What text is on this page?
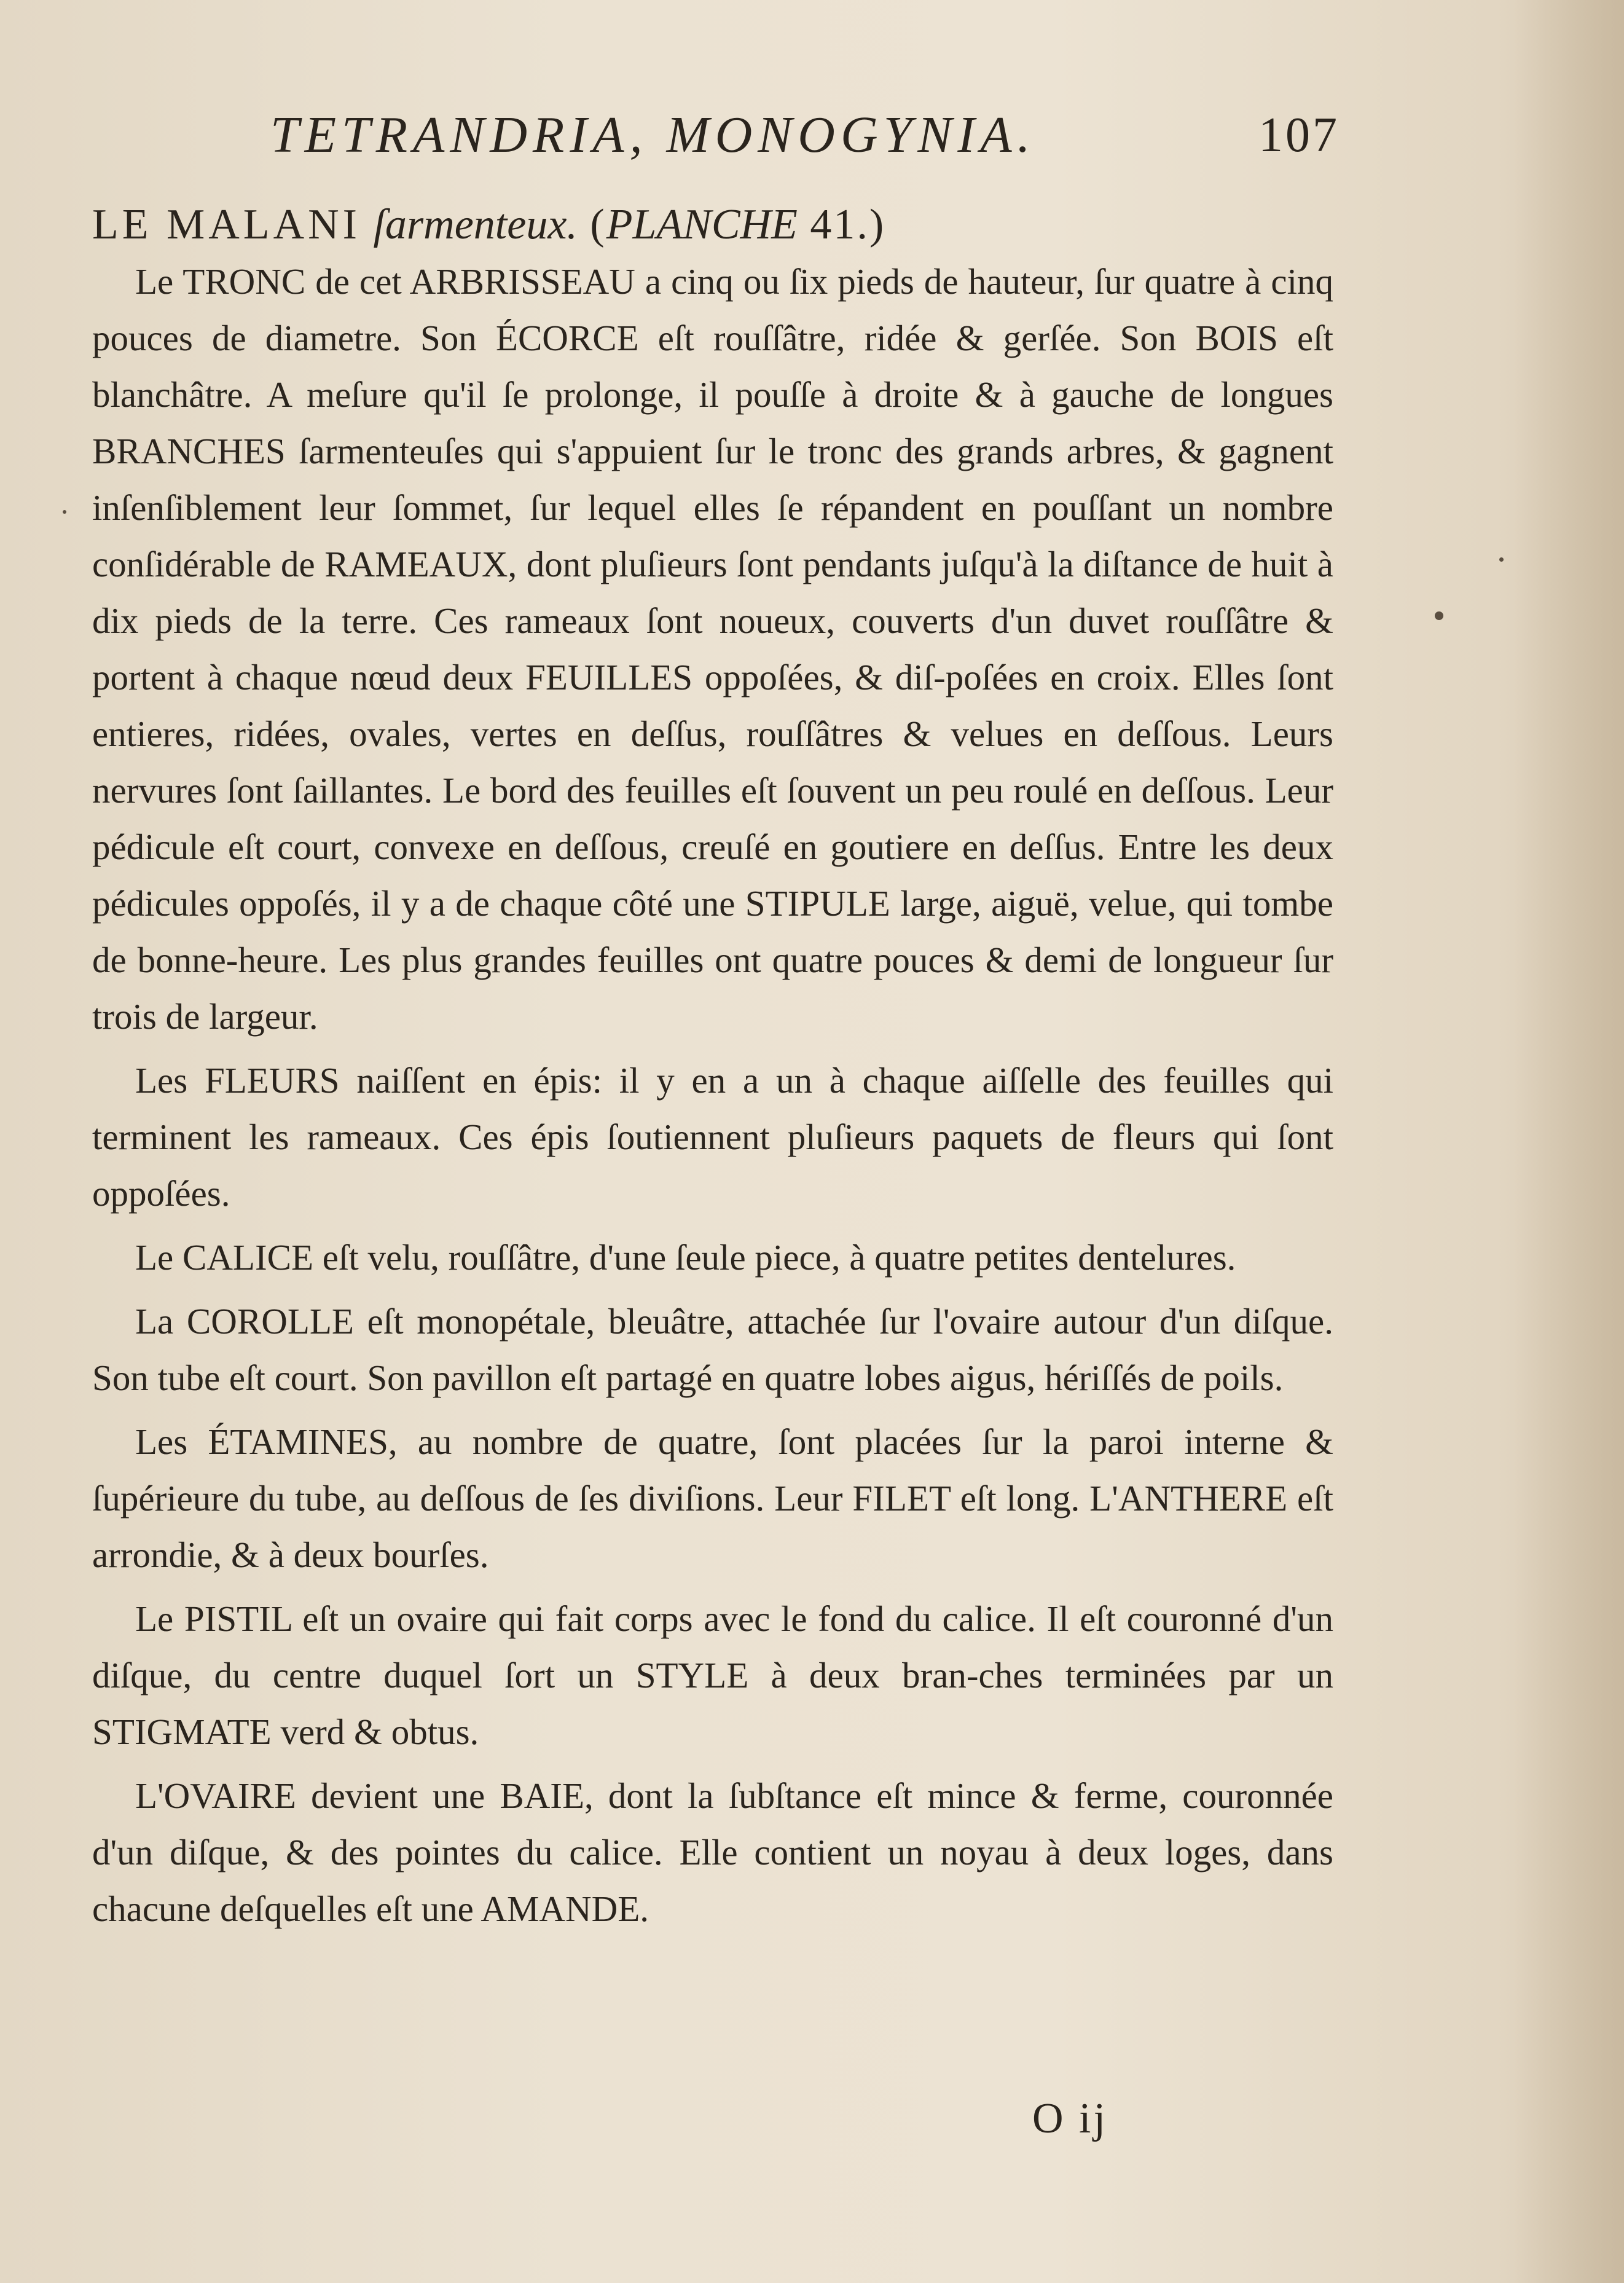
TETRANDRIA, MONOGYNIA.	107

LE MALANI ſarmenteux. (PLANCHE 41.)

Le TRONC de cet ARBRISSEAU a cinq ou ſix pieds de hauteur, ſur quatre à cinq pouces de diametre. Son ÉCORCE eſt rouſſâtre, ridée & gerſée. Son BOIS eſt blanchâtre. A meſure qu'il ſe prolonge, il pouſſe à droite & à gauche de longues BRANCHES ſarmenteuſes qui s'appuient ſur le tronc des grands arbres, & gagnent inſenſiblement leur ſommet, ſur lequel elles ſe répandent en pouſſant un nombre conſidérable de RAMEAUX, dont pluſieurs ſont pendants juſqu'à la diſtance de huit à dix pieds de la terre. Ces rameaux ſont noueux, couverts d'un duvet rouſſâtre & portent à chaque nœud deux FEUILLES oppoſées, & diſ-poſées en croix. Elles ſont entieres, ridées, ovales, vertes en deſſus, rouſſâtres & velues en deſſous. Leurs nervures ſont ſaillantes. Le bord des feuilles eſt ſouvent un peu roulé en deſſous. Leur pédicule eſt court, convexe en deſſous, creuſé en goutiere en deſſus. Entre les deux pédicules oppoſés, il y a de chaque côté une STIPULE large, aiguë, velue, qui tombe de bonne-heure. Les plus grandes feuilles ont quatre pouces & demi de longueur ſur trois de largeur.

Les FLEURS naiſſent en épis: il y en a un à chaque aiſſelle des feuilles qui terminent les rameaux. Ces épis ſoutiennent pluſieurs paquets de fleurs qui ſont oppoſées.

Le CALICE eſt velu, rouſſâtre, d'une ſeule piece, à quatre petites dentelures.

La COROLLE eſt monopétale, bleuâtre, attachée ſur l'ovaire autour d'un diſque. Son tube eſt court. Son pavillon eſt partagé en quatre lobes aigus, hériſſés de poils.

Les ÉTAMINES, au nombre de quatre, ſont placées ſur la paroi interne & ſupérieure du tube, au deſſous de ſes diviſions. Leur FILET eſt long. L'ANTHERE eſt arrondie, & à deux bourſes.

Le PISTIL eſt un ovaire qui fait corps avec le fond du calice. Il eſt couronné d'un diſque, du centre duquel ſort un STYLE à deux bran-ches terminées par un STIGMATE verd & obtus.

L'OVAIRE devient une BAIE, dont la ſubſtance eſt mince & ferme, couronnée d'un diſque, & des pointes du calice. Elle contient un noyau à deux loges, dans chacune deſquelles eſt une AMANDE.

O ij
